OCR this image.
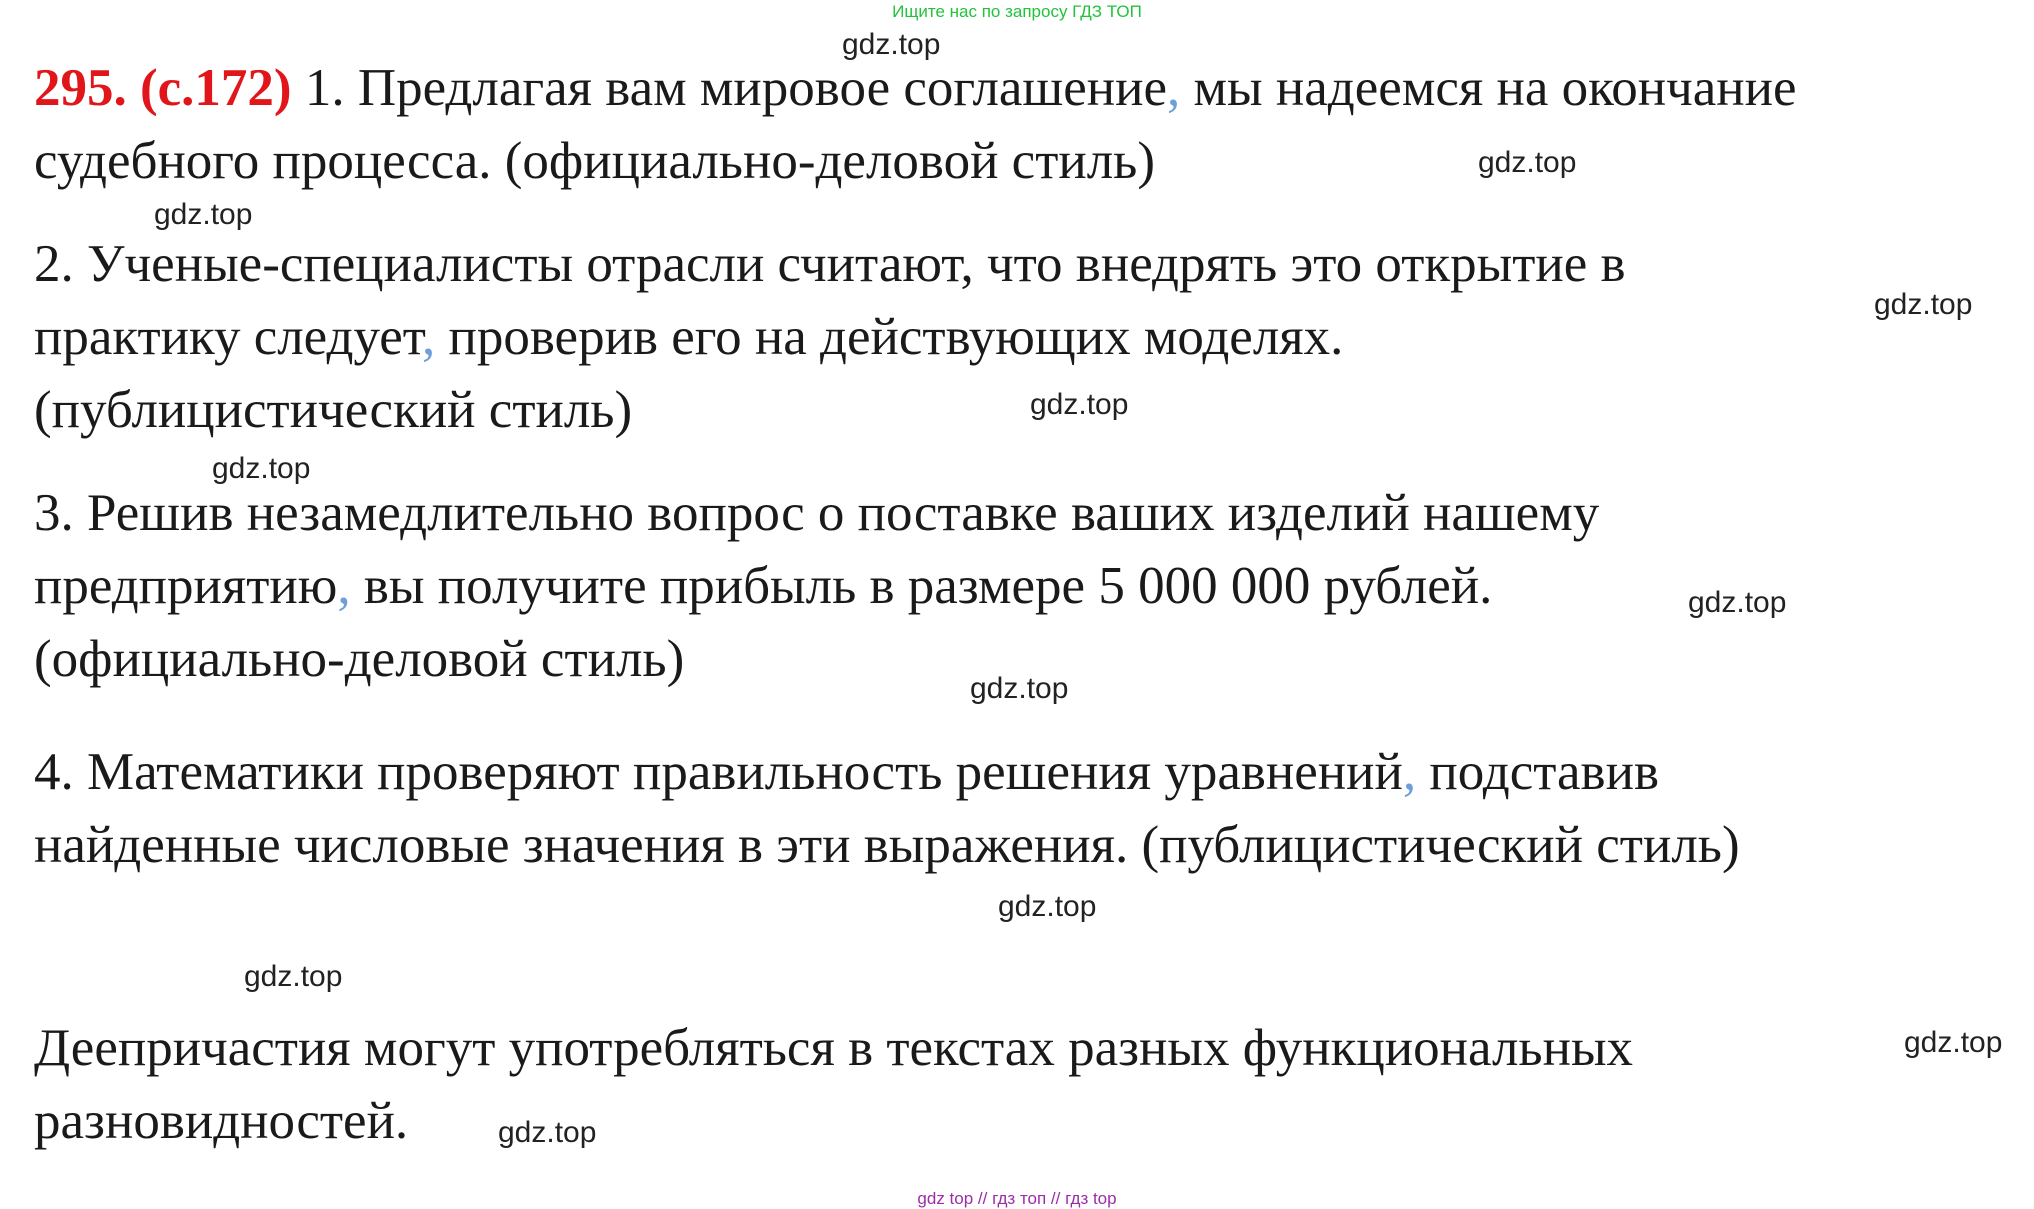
Ищите нас по запросу ГДЗ ТОП

295. (с.172) 1. Предлагая вам мировое соглашение, мы надеемся на окончание
судебного процесса. (официально-деловой стиль)

2. Ученые-специалисты отрасли считают, что внедрять это открытие в
практику следует, проверив его на действующих моделях.
(публицистический стиль)

3. Решив незамедлительно вопрос о поставке ваших изделий нашему
предприятию, вы получите прибыль в размере 5 000 000 рублей.
(официально-деловой стиль)

4. Математики проверяют правильность решения уравнений, подставив
найденные числовые значения в эти выражения. (публицистический стиль)

Деепричастия могут употребляться в текстах разных функциональных
разновидностей.

gdz.top
gdz.top
gdz.top
gdz.top
gdz.top
gdz.top
gdz.top
gdz.top
gdz.top
gdz.top
gdz.top
gdz.top
gdz top // гдз топ // гдз top
